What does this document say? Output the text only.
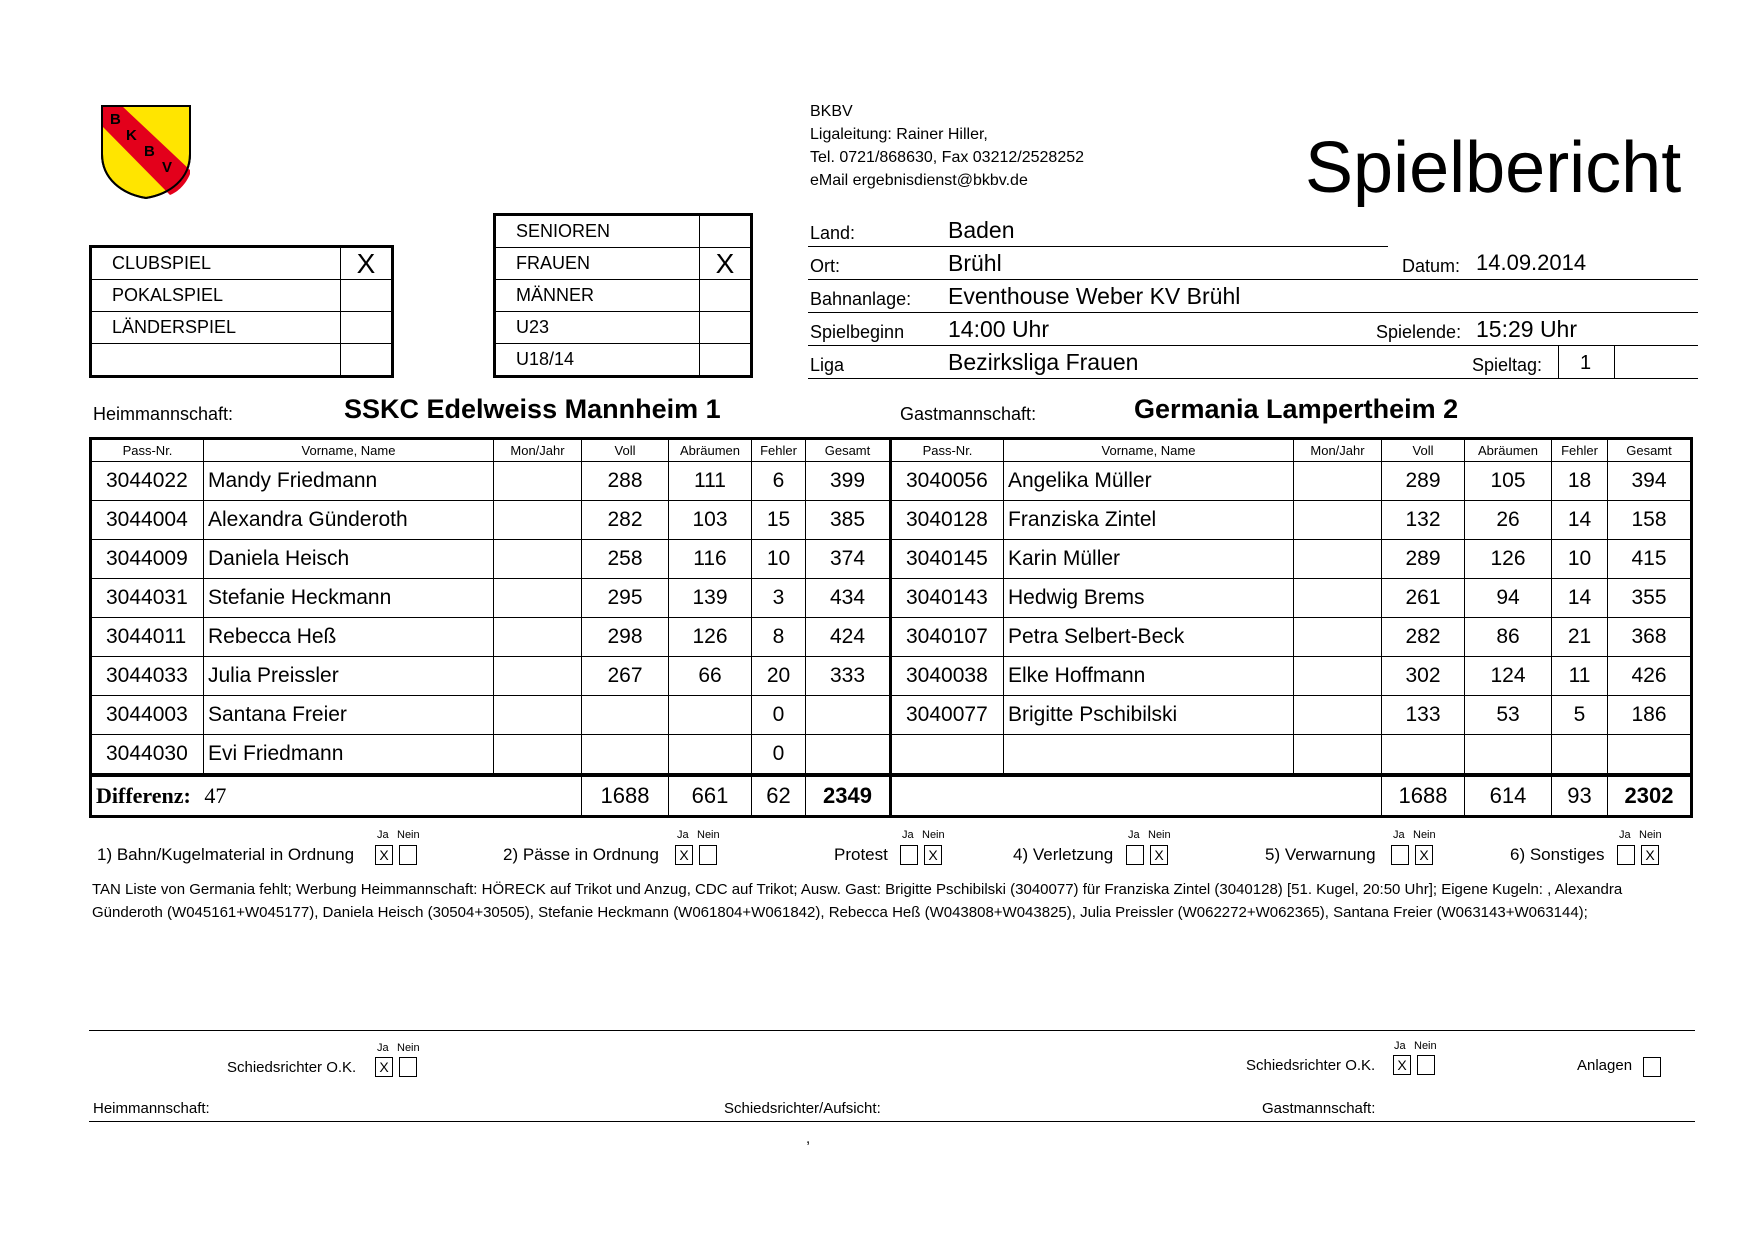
B
K
B
V
BKBV
Ligaleitung: Rainer Hiller,
Tel. 0721/868630, Fax 03212/2528252
eMail ergebnisdienst@bkbv.de	Spielbericht
CLUBSPIEL	X
POKALSPIEL	
LÄNDERSPIEL	

SENIOREN	
FRAUEN	X
MÄNNER	
U23	
U18/14	
Land:	Baden
Ort:	Brühl	Datum: 14.09.2014
Bahnanlage: Eventhouse Weber KV Brühl
Spielbeginn 14:00 Uhr	Spielende: 15:29 Uhr
Liga	Bezirksliga Frauen	Spieltag: 1
Heimmannschaft:	SSKC Edelweiss Mannheim 1	Gastmannschaft:	Germania Lampertheim 2
Pass-Nr.	Vorname, Name	Mon/Jahr	Voll	Abräumen	Fehler	Gesamt	Pass-Nr.	Vorname, Name	Mon/Jahr	Voll	Abräumen	Fehler	Gesamt
3044022	Mandy Friedmann		288	111	6	399	3040056	Angelika Müller		289	105	18	394
3044004	Alexandra Günderoth		282	103	15	385	3040128	Franziska Zintel		132	26	14	158
3044009	Daniela Heisch		258	116	10	374	3040145	Karin Müller		289	126	10	415
3044031	Stefanie Heckmann		295	139	3	434	3040143	Hedwig Brems		261	94	14	355
3044011	Rebecca Heß		298	126	8	424	3040107	Petra Selbert-Beck		282	86	21	368
3044033	Julia Preissler		267	66	20	333	3040038	Elke Hoffmann		302	124	11	426
3044003	Santana Freier				0		3040077	Brigitte Pschibilski		133	53	5	186
3044030	Evi Friedmann				0								
Differenz: 47			1688	661	62	2349				1688	614	93	2302
1) Bahn/Kugelmaterial in Ordnung
Ja Nein
X	2) Pässe in Ordnung
Ja Nein
X	Protest
Ja Nein
X	4) Verletzung
Ja Nein
X	5) Verwarnung
Ja Nein
X	6) Sonstiges
Ja Nein
X
TAN Liste von Germania fehlt; Werbung Heimmannschaft: HÖRECK auf Trikot und Anzug, CDC auf Trikot; Ausw. Gast: Brigitte Pschibilski (3040077) für Franziska Zintel (3040128) [51. Kugel, 20:50 Uhr]; Eigene Kugeln: , Alexandra Günderoth (W045161+W045177), Daniela Heisch (30504+30505), Stefanie Heckmann (W061804+W061842), Rebecca Heß (W043808+W043825), Julia Preissler (W062272+W062365), Santana Freier (W063143+W063144);
Ja Nein
Schiedsrichter O.K.	X
Ja Nein
Schiedsrichter O.K.	X	Anlagen
Heimmannschaft:	Schiedsrichter/Aufsicht:	Gastmannschaft:
,
